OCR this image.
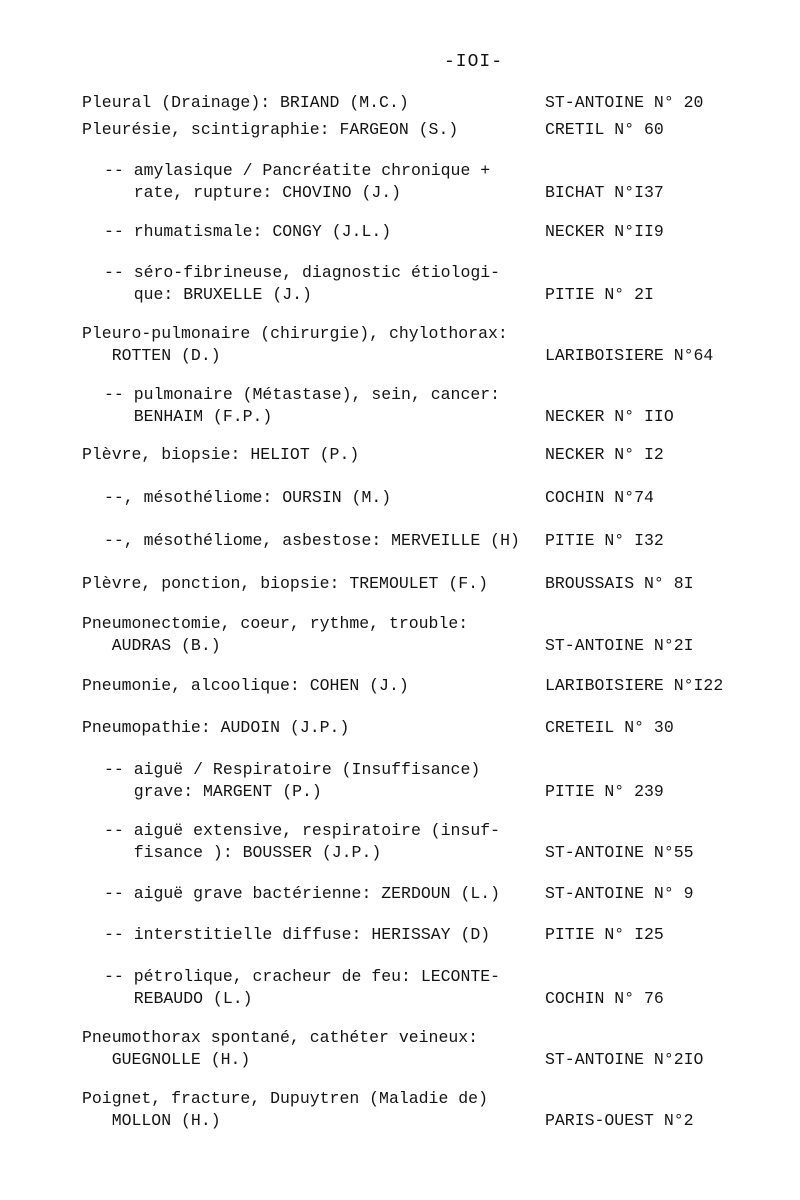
-IOI-
Pleural (Drainage): BRIAND (M.C.)	ST-ANTOINE N° 20
Pleurésie, scintigraphie: FARGEON (S.)	CRETIL N° 60
-- amylasique / Pancréatite chronique +
rate, rupture: CHOVINO (J.)	BICHAT N°I37
-- rhumatismale: CONGY (J.L.)	NECKER N°II9
-- séro-fibrineuse, diagnostic étiologi-
que: BRUXELLE (J.)	PITIE N° 2I
Pleuro-pulmonaire (chirurgie), chylothorax:
ROTTEN (D.)	LARIBOISIERE N°64
-- pulmonaire (Métastase), sein, cancer:
BENHAIM (F.P.)	NECKER N° IIO
Plèvre, biopsie: HELIOT (P.)	NECKER N° I2
--, mésothéliome: OURSIN (M.)	COCHIN N°74
--, mésothéliome, asbestose: MERVEILLE (H)	PITIE N° I32
Plèvre, ponction, biopsie: TREMOULET (F.)	BROUSSAIS N° 8I
Pneumonectomie, coeur, rythme, trouble:
AUDRAS (B.)	ST-ANTOINE N°2I
Pneumonie, alcoolique: COHEN (J.)	LARIBOISIERE N°I22
Pneumopathie: AUDOIN (J.P.)	CRETEIL N° 30
-- aiguë / Respiratoire (Insuffisance)
grave: MARGENT (P.)	PITIE N° 239
-- aiguë extensive, respiratoire (insuf-
fisance ): BOUSSER (J.P.)	ST-ANTOINE N°55
-- aiguë grave bactérienne: ZERDOUN (L.)	ST-ANTOINE N° 9
-- interstitielle diffuse: HERISSAY (D)	PITIE N° I25
-- pétrolique, cracheur de feu: LECONTE-
REBAUDO (L.)	COCHIN N° 76
Pneumothorax spontané, cathéter veineux:
GUEGNOLLE (H.)	ST-ANTOINE N°2IO
Poignet, fracture, Dupuytren (Maladie de)
MOLLON (H.)	PARIS-OUEST N°2
